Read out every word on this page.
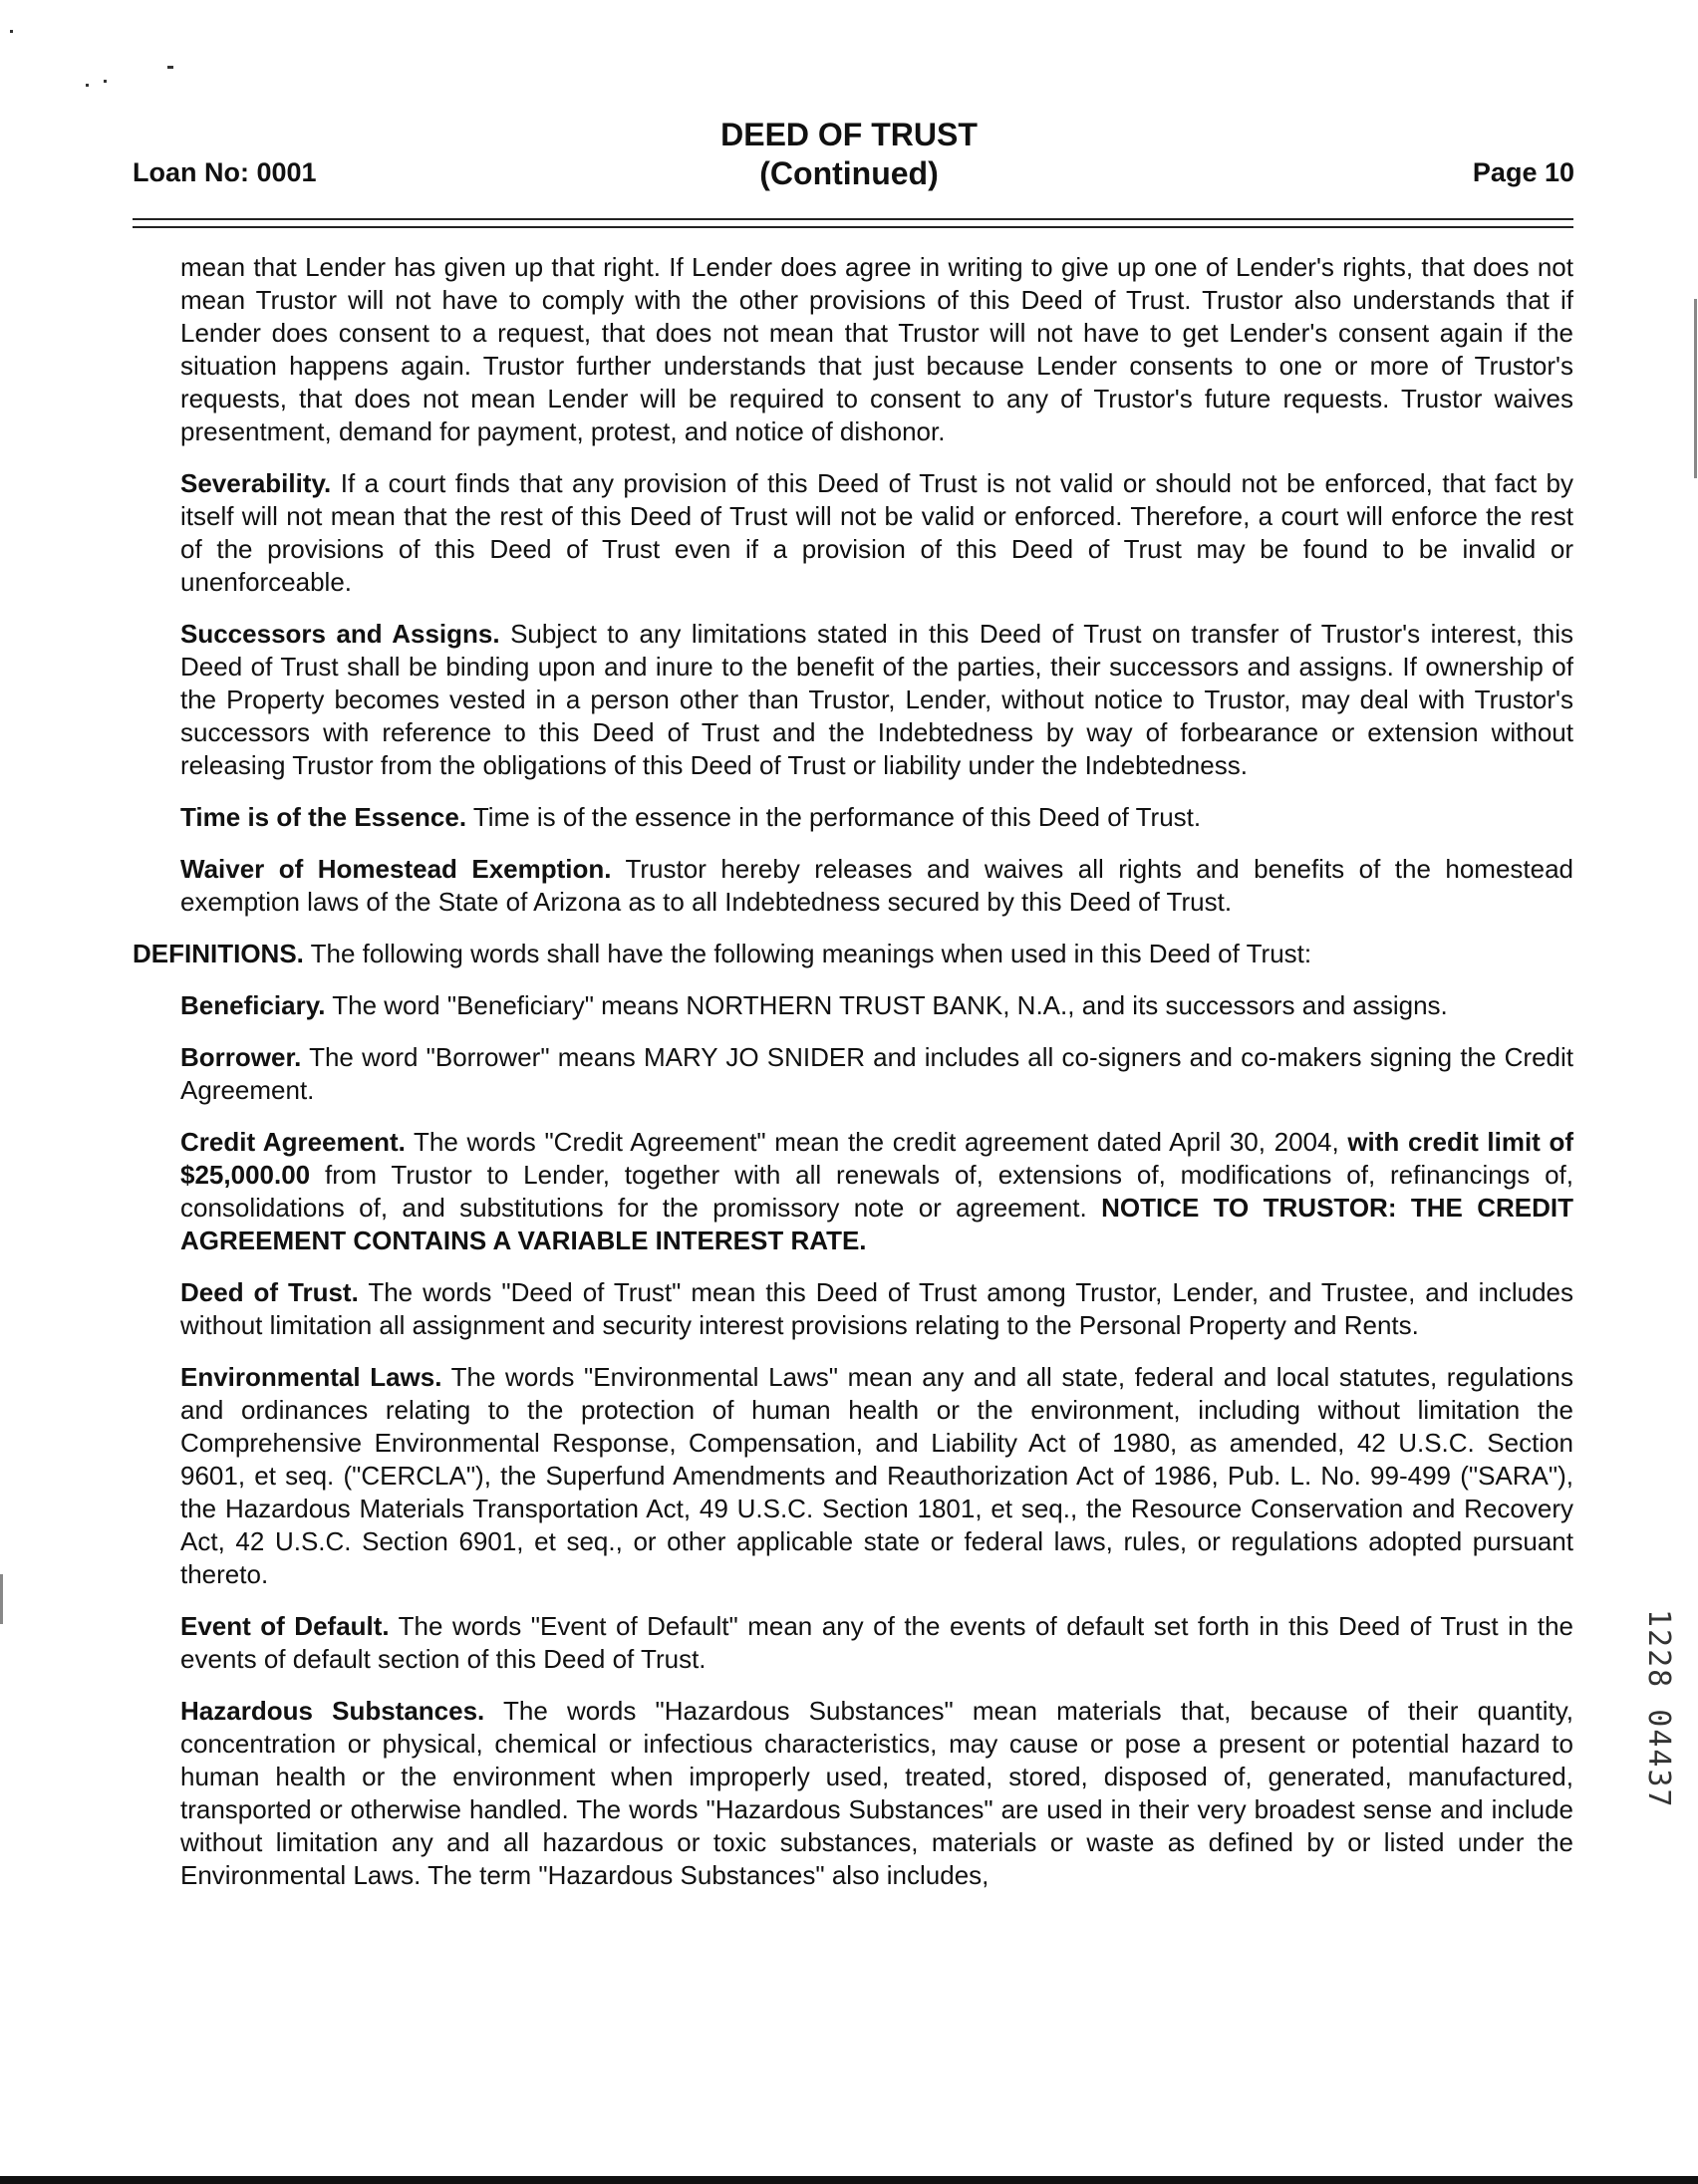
DEED OF TRUST
(Continued)
Loan No: 0001	Page 10

mean that Lender has given up that right. If Lender does agree in writing to give up one of Lender's rights, that does not mean Trustor will not have to comply with the other provisions of this Deed of Trust. Trustor also understands that if Lender does consent to a request, that does not mean that Trustor will not have to get Lender's consent again if the situation happens again. Trustor further understands that just because Lender consents to one or more of Trustor's requests, that does not mean Lender will be required to consent to any of Trustor's future requests. Trustor waives presentment, demand for payment, protest, and notice of dishonor.

Severability. If a court finds that any provision of this Deed of Trust is not valid or should not be enforced, that fact by itself will not mean that the rest of this Deed of Trust will not be valid or enforced. Therefore, a court will enforce the rest of the provisions of this Deed of Trust even if a provision of this Deed of Trust may be found to be invalid or unenforceable.

Successors and Assigns. Subject to any limitations stated in this Deed of Trust on transfer of Trustor's interest, this Deed of Trust shall be binding upon and inure to the benefit of the parties, their successors and assigns. If ownership of the Property becomes vested in a person other than Trustor, Lender, without notice to Trustor, may deal with Trustor's successors with reference to this Deed of Trust and the Indebtedness by way of forbearance or extension without releasing Trustor from the obligations of this Deed of Trust or liability under the Indebtedness.

Time is of the Essence. Time is of the essence in the performance of this Deed of Trust.

Waiver of Homestead Exemption. Trustor hereby releases and waives all rights and benefits of the homestead exemption laws of the State of Arizona as to all Indebtedness secured by this Deed of Trust.

DEFINITIONS. The following words shall have the following meanings when used in this Deed of Trust:

Beneficiary. The word "Beneficiary" means NORTHERN TRUST BANK, N.A., and its successors and assigns.

Borrower. The word "Borrower" means MARY JO SNIDER and includes all co-signers and co-makers signing the Credit Agreement.

Credit Agreement. The words "Credit Agreement" mean the credit agreement dated April 30, 2004, with credit limit of $25,000.00 from Trustor to Lender, together with all renewals of, extensions of, modifications of, refinancings of, consolidations of, and substitutions for the promissory note or agreement. NOTICE TO TRUSTOR: THE CREDIT AGREEMENT CONTAINS A VARIABLE INTEREST RATE.

Deed of Trust. The words "Deed of Trust" mean this Deed of Trust among Trustor, Lender, and Trustee, and includes without limitation all assignment and security interest provisions relating to the Personal Property and Rents.

Environmental Laws. The words "Environmental Laws" mean any and all state, federal and local statutes, regulations and ordinances relating to the protection of human health or the environment, including without limitation the Comprehensive Environmental Response, Compensation, and Liability Act of 1980, as amended, 42 U.S.C. Section 9601, et seq. ("CERCLA"), the Superfund Amendments and Reauthorization Act of 1986, Pub. L. No. 99-499 ("SARA"), the Hazardous Materials Transportation Act, 49 U.S.C. Section 1801, et seq., the Resource Conservation and Recovery Act, 42 U.S.C. Section 6901, et seq., or other applicable state or federal laws, rules, or regulations adopted pursuant thereto.

Event of Default. The words "Event of Default" mean any of the events of default set forth in this Deed of Trust in the events of default section of this Deed of Trust.

Hazardous Substances. The words "Hazardous Substances" mean materials that, because of their quantity, concentration or physical, chemical or infectious characteristics, may cause or pose a present or potential hazard to human health or the environment when improperly used, treated, stored, disposed of, generated, manufactured, transported or otherwise handled. The words "Hazardous Substances" are used in their very broadest sense and include without limitation any and all hazardous or toxic substances, materials or waste as defined by or listed under the Environmental Laws. The term "Hazardous Substances" also includes,

1228 04437
